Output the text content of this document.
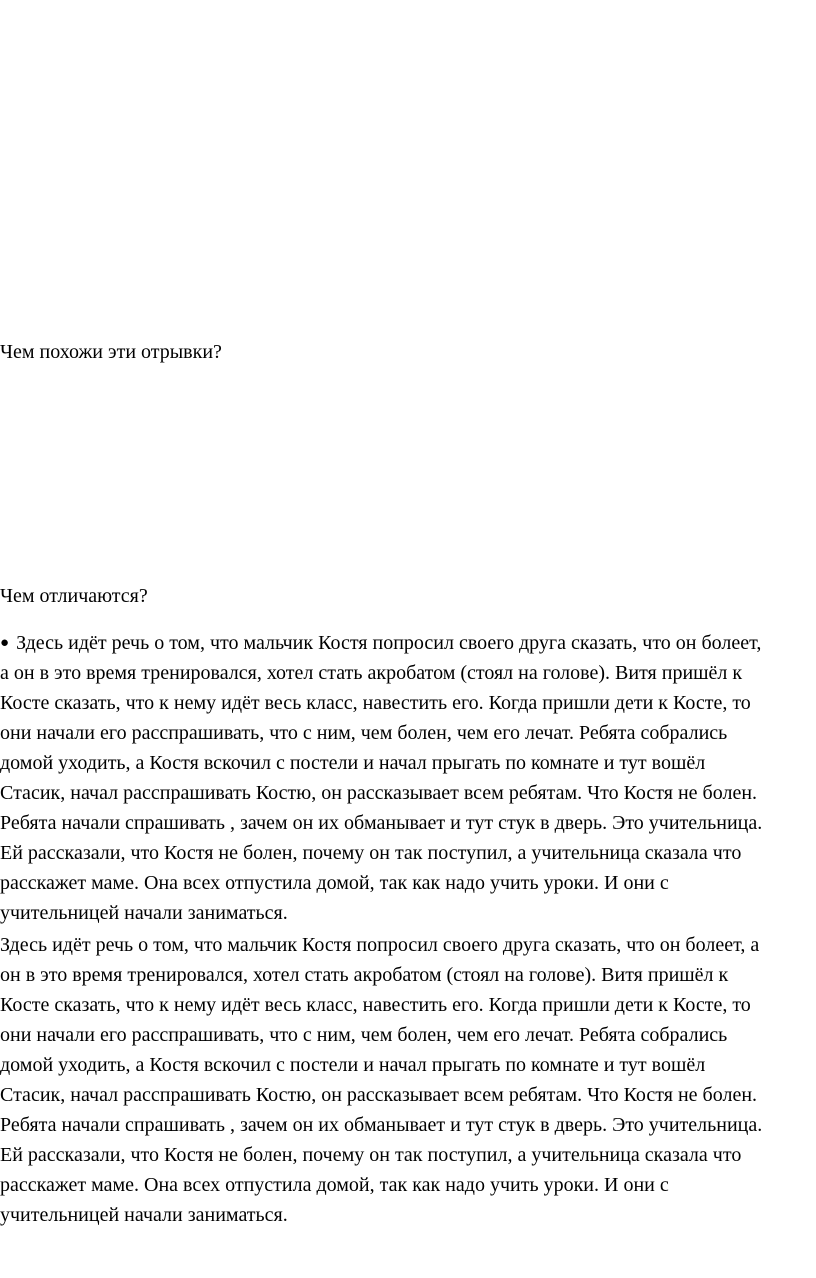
Чем похожи эти отрывки?
Чем отличаются?
● Здесь идёт речь о том, что мальчик Костя попросил своего друга сказать, что он болеет,
а он в это время тренировался, хотел стать акробатом (стоял на голове). Витя пришёл к
Косте сказать, что к нему идёт весь класс, навестить его. Когда пришли дети к Косте, то
они начали его расспрашивать, что с ним, чем болен, чем его лечат. Ребята собрались
домой уходить, а Костя вскочил с постели и начал прыгать по комнате и тут вошёл
Стасик, начал расспрашивать Костю, он рассказывает всем ребятам. Что Костя не болен.
Ребята начали спрашивать , зачем он их обманывает и тут стук в дверь. Это учительница.
Ей рассказали, что Костя не болен, почему он так поступил, а учительница сказала что
расскажет маме. Она всех отпустила домой, так как надо учить уроки. И они с
учительницей начали заниматься.
Здесь идёт речь о том, что мальчик Костя попросил своего друга сказать, что он болеет, а
он в это время тренировался, хотел стать акробатом (стоял на голове). Витя пришёл к
Косте сказать, что к нему идёт весь класс, навестить его. Когда пришли дети к Косте, то
они начали его расспрашивать, что с ним, чем болен, чем его лечат. Ребята собрались
домой уходить, а Костя вскочил с постели и начал прыгать по комнате и тут вошёл
Стасик, начал расспрашивать Костю, он рассказывает всем ребятам. Что Костя не болен.
Ребята начали спрашивать , зачем он их обманывает и тут стук в дверь. Это учительница.
Ей рассказали, что Костя не болен, почему он так поступил, а учительница сказала что
расскажет маме. Она всех отпустила домой, так как надо учить уроки. И они с
учительницей начали заниматься.
